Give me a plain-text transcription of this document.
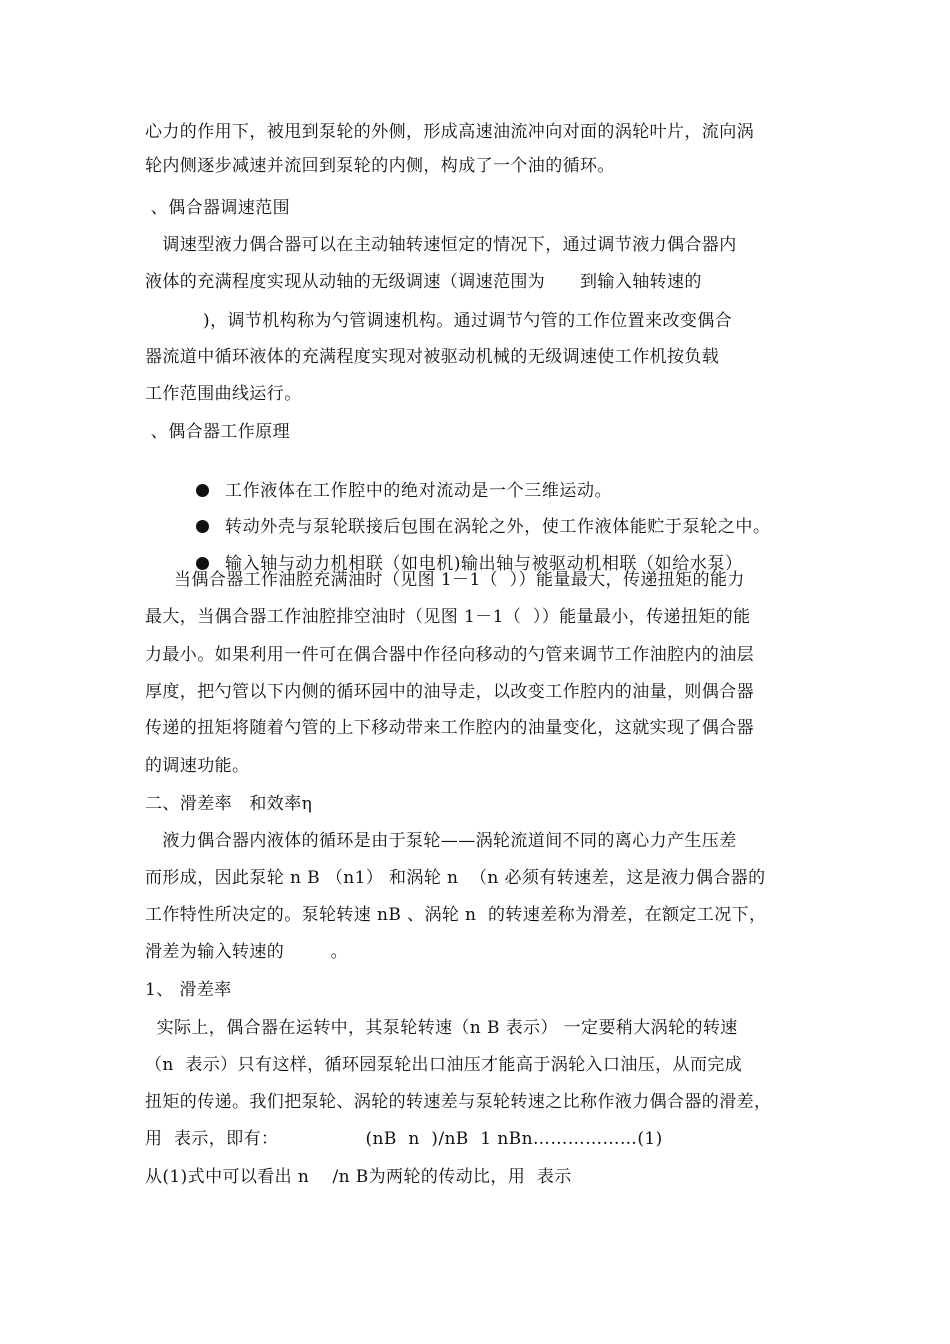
心力的作用下，被甩到泵轮的外侧，形成高速油流冲向对面的涡轮叶片，流向涡
轮内侧逐步减速并流回到泵轮的内侧，构成了一个油的循环。
、偶合器调速范围
调速型液力偶合器可以在主动轴转速恒定的情况下，通过调节液力偶合器内
液体的充满程度实现从动轴的无级调速（调速范围为      到输入轴转速的
)，调节机构称为勺管调速机构。通过调节勺管的工作位置来改变偶合
器流道中循环液体的充满程度实现对被驱动机械的无级调速使工作机按负载
工作范围曲线运行。
、偶合器工作原理

工作液体在工作腔中的绝对流动是一个三维运动。

转动外壳与泵轮联接后包围在涡轮之外，使工作液体能贮于泵轮之中。

输入轴与动力机相联（如电机)输出轴与被驱动机相联（如给水泵）

当偶合器工作油腔充满油时（见图 1－1（  ））能量最大，传递扭矩的能力
最大，当偶合器工作油腔排空油时（见图 1－1（  ））能量最小，传递扭矩的能
力最小。如果利用一件可在偶合器中作径向移动的勺管来调节工作油腔内的油层
厚度，把勺管以下内侧的循环园中的油导走，以改变工作腔内的油量，则偶合器
传递的扭矩将随着勺管的上下移动带来工作腔内的油量变化，这就实现了偶合器
的调速功能。
二、滑差率   和效率η
液力偶合器内液体的循环是由于泵轮——涡轮流道间不同的离心力产生压差
而形成，因此泵轮 n B （n1） 和涡轮 n  （n 必须有转速差，这是液力偶合器的
工作特性所决定的。泵轮转速 nB 、涡轮 n  的转速差称为滑差，在额定工况下，
滑差为输入转速的        。
1、 滑差率
实际上，偶合器在运转中，其泵轮转速（n B 表示） 一定要稍大涡轮的转速
（n  表示）只有这样，循环园泵轮出口油压才能高于涡轮入口油压，从而完成
扭矩的传递。我们把泵轮、涡轮的转速差与泵轮转速之比称作液力偶合器的滑差，
用  表示，即有：               (nB  n  )/nB  1 nBn………………(1)
从(1)式中可以看出 n    /n B为两轮的传动比，用  表示
